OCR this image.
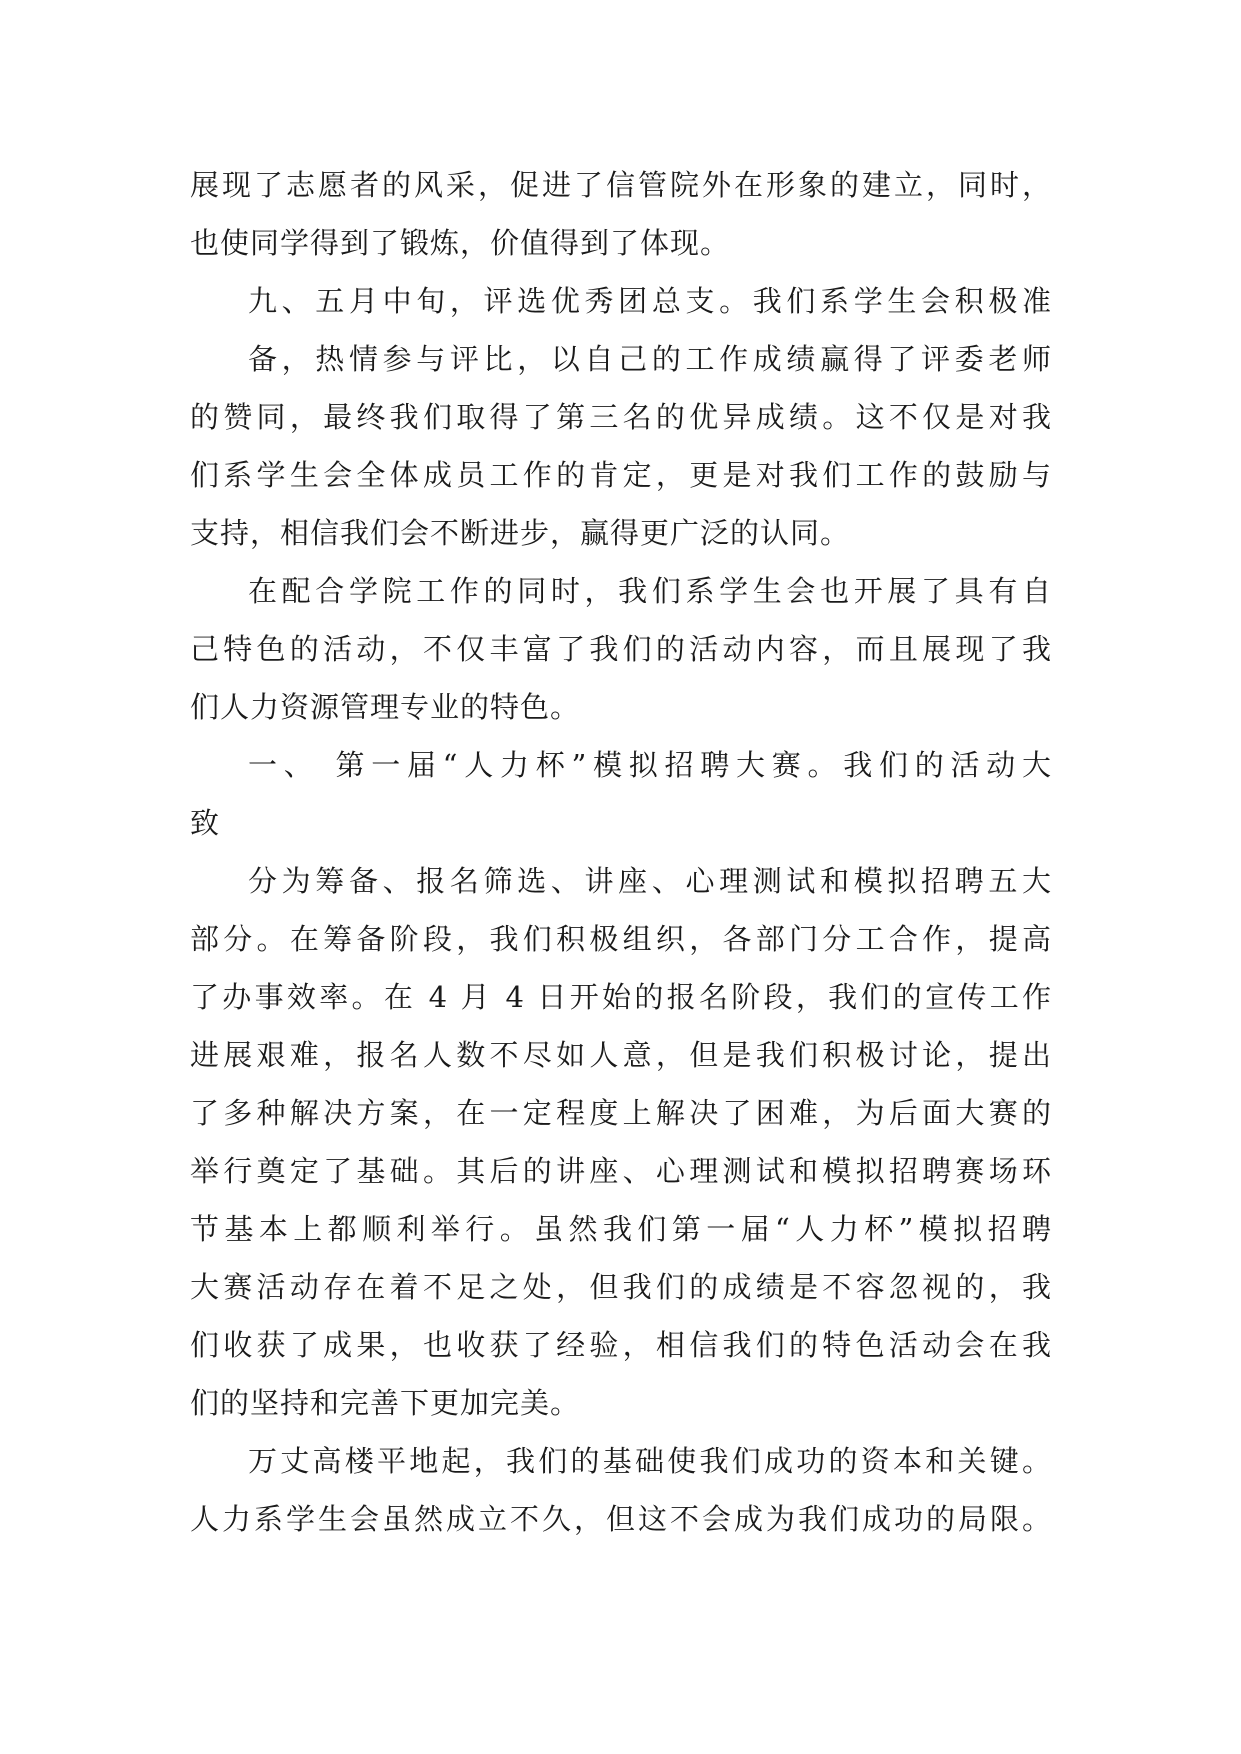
展现了志愿者的风采，促进了信管院外在形象的建立，同时，
也使同学得到了锻炼，价值得到了体现。
九、五月中旬，评选优秀团总支。我们系学生会积极准
备，热情参与评比，以自己的工作成绩赢得了评委老师
的赞同，最终我们取得了第三名的优异成绩。这不仅是对我
们系学生会全体成员工作的肯定，更是对我们工作的鼓励与
支持，相信我们会不断进步，赢得更广泛的认同。
在配合学院工作的同时，我们系学生会也开展了具有自
己特色的活动，不仅丰富了我们的活动内容，而且展现了我
们人力资源管理专业的特色。
一、 第一届“人力杯”模拟招聘大赛。我们的活动大
致
分为筹备、报名筛选、讲座、心理测试和模拟招聘五大
部分。在筹备阶段，我们积极组织，各部门分工合作，提高
了办事效率。在 4 月 4 日开始的报名阶段，我们的宣传工作
进展艰难，报名人数不尽如人意，但是我们积极讨论，提出
了多种解决方案，在一定程度上解决了困难，为后面大赛的
举行奠定了基础。其后的讲座、心理测试和模拟招聘赛场环
节基本上都顺利举行。虽然我们第一届“人力杯”模拟招聘
大赛活动存在着不足之处，但我们的成绩是不容忽视的，我
们收获了成果，也收获了经验，相信我们的特色活动会在我
们的坚持和完善下更加完美。
万丈高楼平地起，我们的基础使我们成功的资本和关键。
人力系学生会虽然成立不久，但这不会成为我们成功的局限。
